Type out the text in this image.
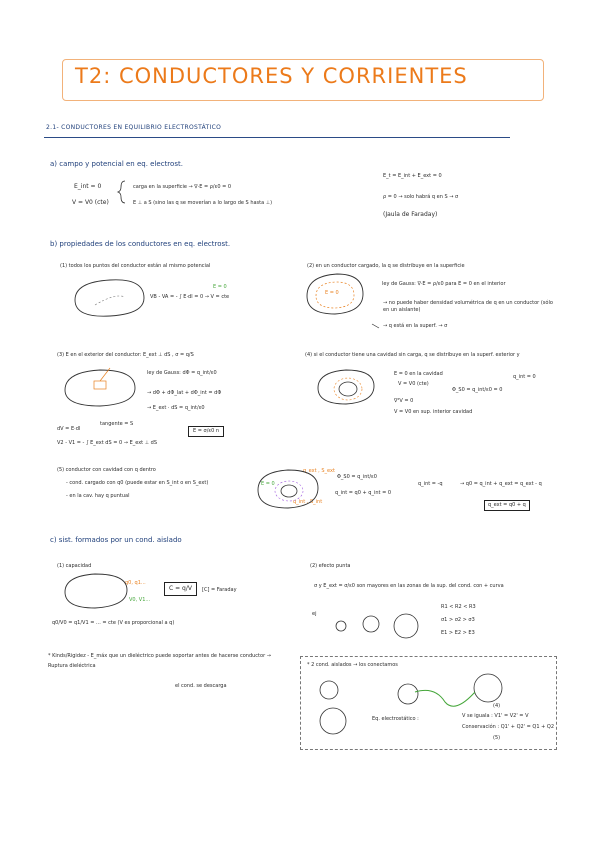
T2: CONDUCTORES Y CORRIENTES
2.1- CONDUCTORES EN EQUILIBRIO ELECTROSTÁTICO
a) campo y potencial en eq. electrost.
E_int = 0
V = V0 (cte)
carga en la superficie → ∇·E = ρ/ε0 = 0
E ⊥ a S (sino las q se moverían a lo largo de S hasta ⊥)
E_t = E_int + E_ext = 0
ρ = 0 → solo habrá q en S → σ
(Jaula de Faraday)
b) propiedades de los conductores en eq. electrost.
(1) todos los puntos del conductor están al mismo potencial
VB - VA = - ∫ E·dl = 0 → V = cte
E = 0
(2) en un conductor cargado, la q se distribuye en la superficie
ley de Gauss: ∇·E = ρ/ε0 para E = 0 en el interior
→ no puede haber densidad volumétrica de q en un conductor (sólo en un aislante)
→ q está en la superf. → σ
E = 0
(3) E en el exterior del conductor: E_ext ⊥ dS , σ = q/S
ley de Gauss: dΦ = q_int/ε0
→ dΦ + dΦ_lat + dΦ_int = dΦ
→ E_ext · dS = q_int/ε0
dV = E·dl
tangente = S
V2 - V1 = - ∫ E_ext dS = 0 → E_ext ⊥ dS
E = σ/ε0 n
(4) si el conductor tiene una cavidad sin carga, q se distribuye en la superf. exterior y
E = 0 en la cavidad
V = V0 (cte)
∇²V = 0
V = V0 en sup. interior cavidad
Φ_S0 = q_int/ε0 = 0
q_int = 0
(5) conductor con cavidad con q dentro
- cond. cargado con q0 (puede estar en S_int o en S_ext)
- en la cav. hay q puntual
Φ_S0 = q_int/ε0
q_int = q0 + q_int = 0
q_int = -q	→ q0 = q_int + q_ext = q_ext - q
q_ext = q0 + q
q_int , S_int
q_ext , S_ext
E = 0
c) sist. formados por un cond. aislado
(1) capacidad
C = q/V	[C] = Faraday
q0/V0 = q1/V1 = ... = cte (V es proporcional a q)
q0, q1...
V0, V1...
* Kinds/Rigidez - E_máx que un dieléctrico puede soportar antes de hacerse conductor → Ruptura dieléctrica
el cond. se descarga
(2) efecto punta
σ y E_ext = σ/ε0 son mayores en las zonas de la sup. del cond. con + curva
ej
R1 < R2 < R3
σ1 > σ2 > σ3
E1 > E2 > E3
* 2 cond. aislados → los conectamos
Eq. electrostático :
(4)
V se iguala : V1' = V2' = V
Conservación : Q1' + Q2' = Q1 + Q2
(5)
